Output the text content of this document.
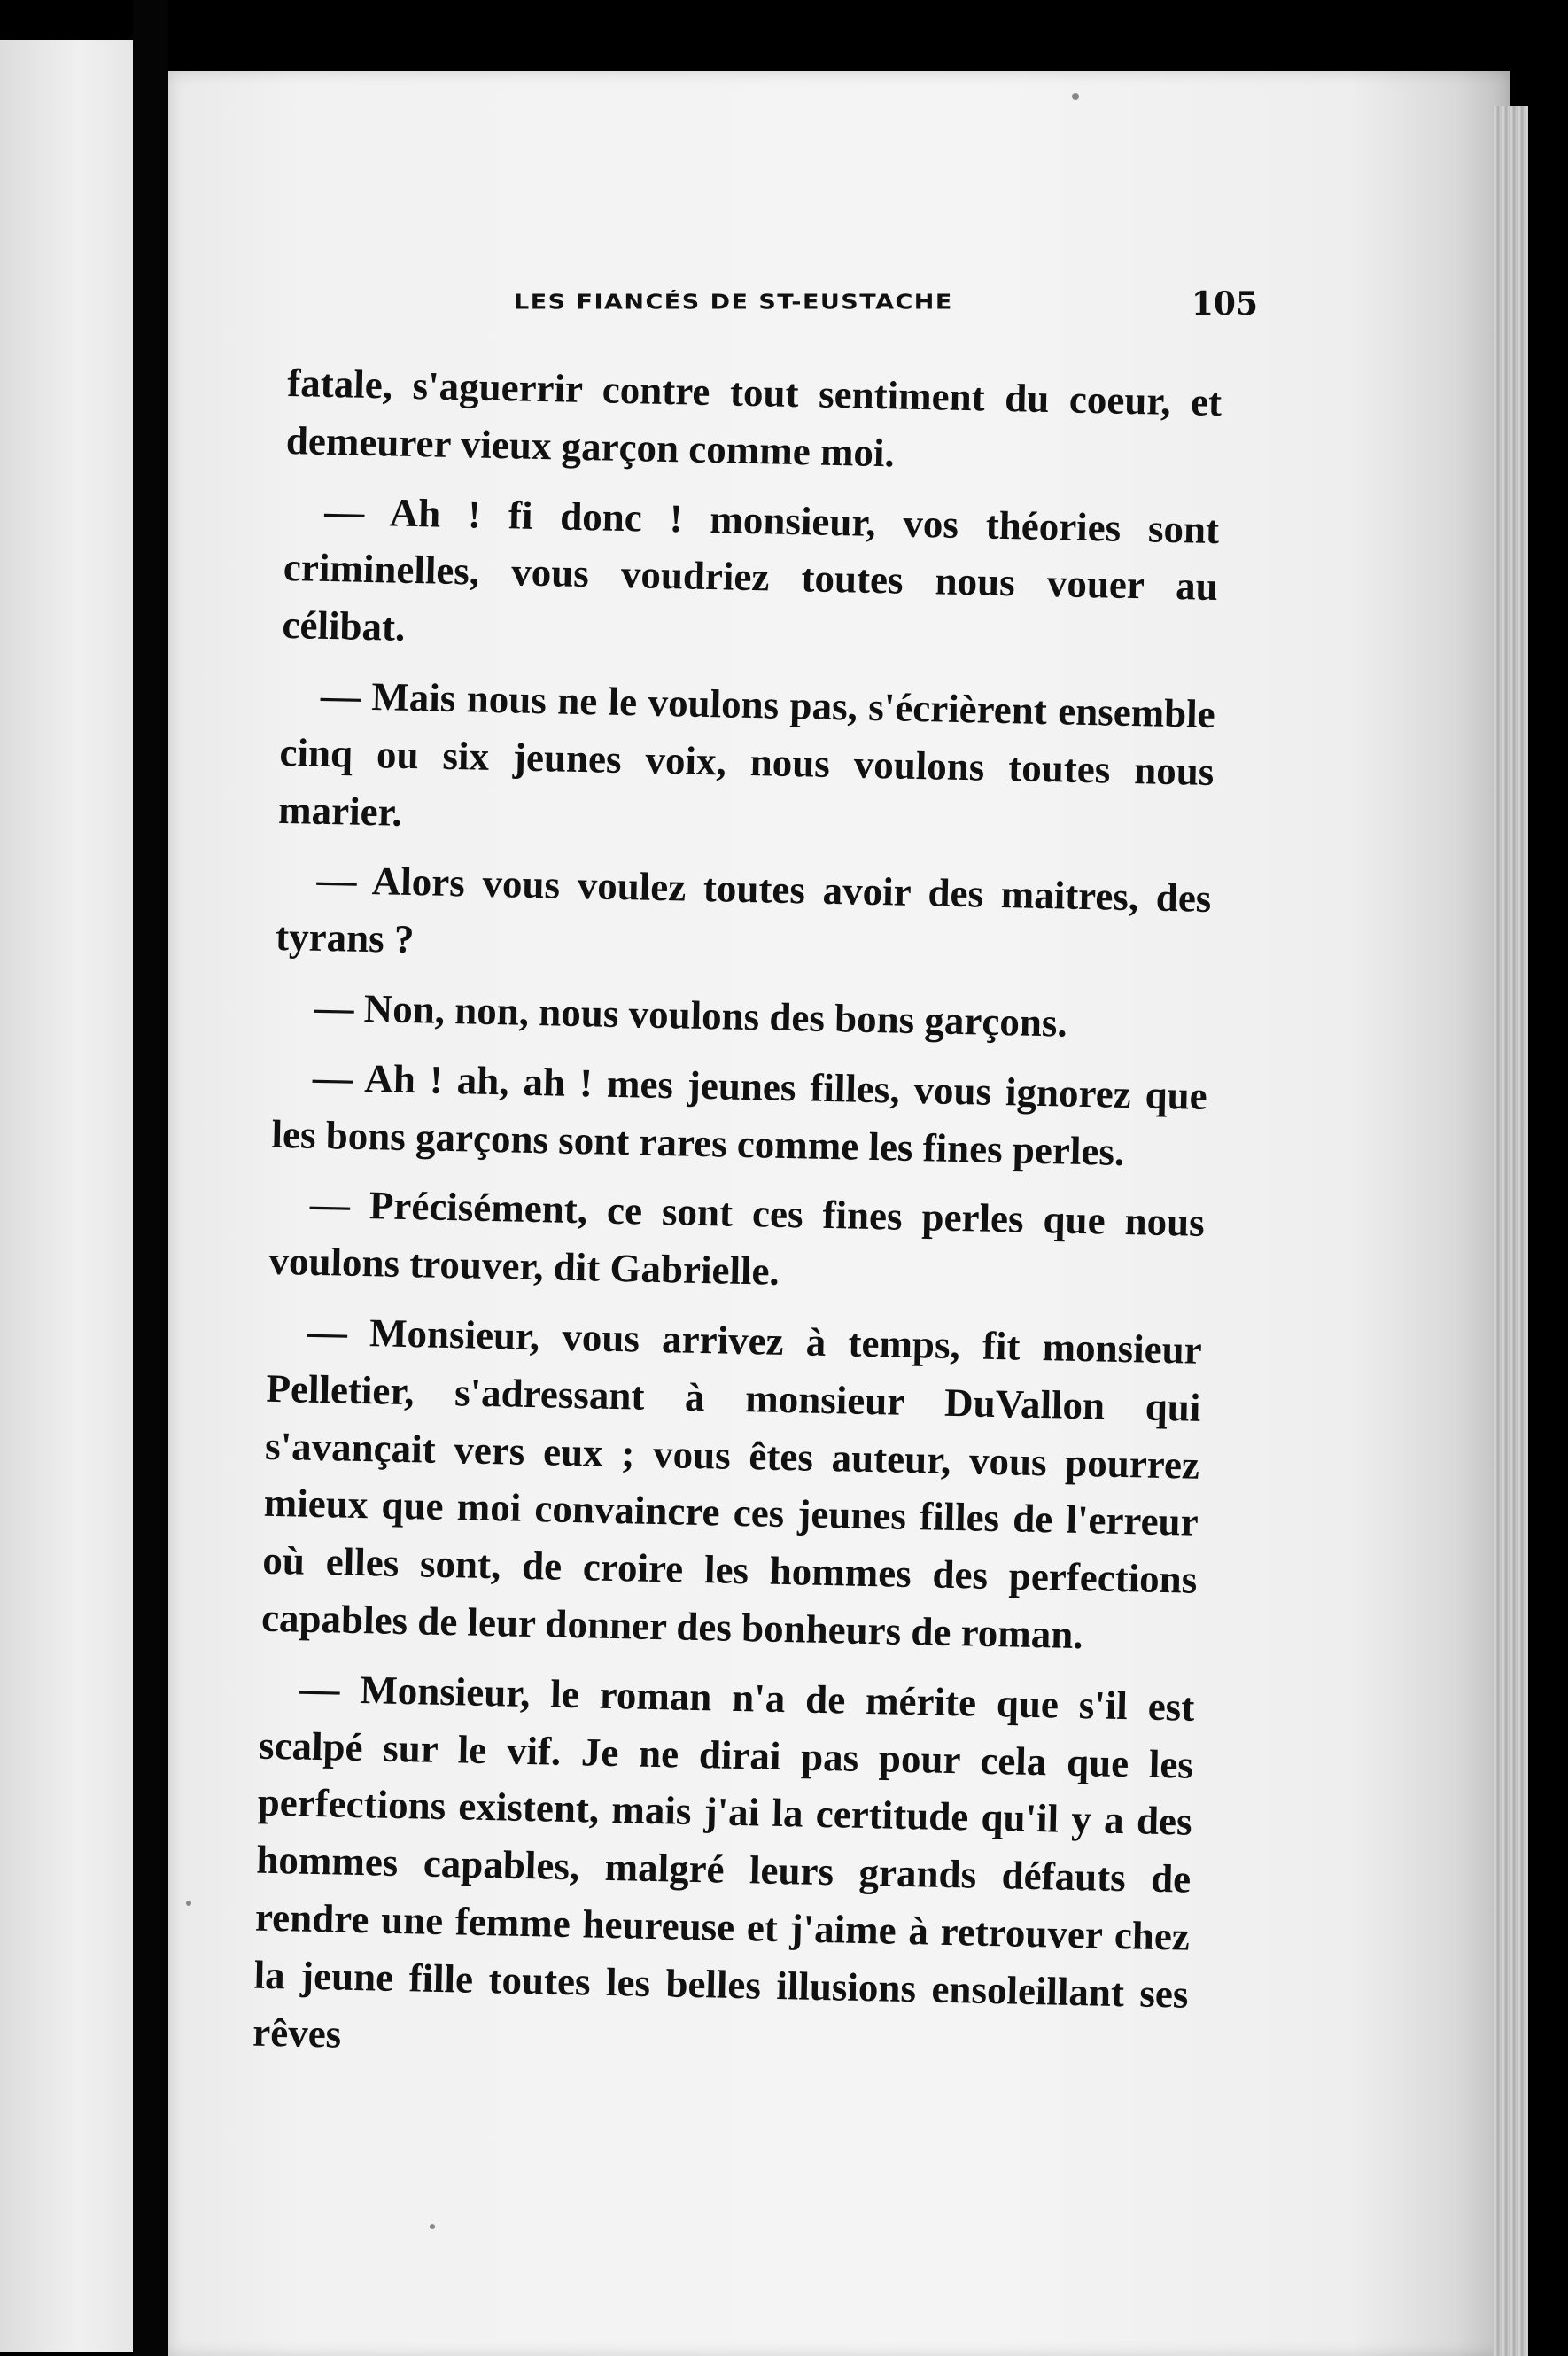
LES FIANCÉS DE ST-EUSTACHE	105

fatale, s'aguerrir contre tout sentiment du coeur, et demeurer vieux garçon comme moi.

— Ah ! fi donc ! monsieur, vos théories sont criminelles, vous voudriez toutes nous vouer au célibat.

— Mais nous ne le voulons pas, s'écrièrent ensemble cinq ou six jeunes voix, nous voulons toutes nous marier.

— Alors vous voulez toutes avoir des maitres, des tyrans ?

— Non, non, nous voulons des bons garçons.

— Ah ! ah, ah ! mes jeunes filles, vous ignorez que les bons garçons sont rares comme les fines perles.

— Précisément, ce sont ces fines perles que nous voulons trouver, dit Gabrielle.

— Monsieur, vous arrivez à temps, fit monsieur Pelletier, s'adressant à monsieur DuVallon qui s'avançait vers eux ; vous êtes auteur, vous pourrez mieux que moi convaincre ces jeunes filles de l'erreur où elles sont, de croire les hommes des perfections capables de leur donner des bonheurs de roman.

— Monsieur, le roman n'a de mérite que s'il est scalpé sur le vif. Je ne dirai pas pour cela que les perfections existent, mais j'ai la certitude qu'il y a des hommes capables, malgré leurs grands défauts de rendre une femme heureuse et j'aime à retrouver chez la jeune fille toutes les belles illusions ensoleillant ses rêves
